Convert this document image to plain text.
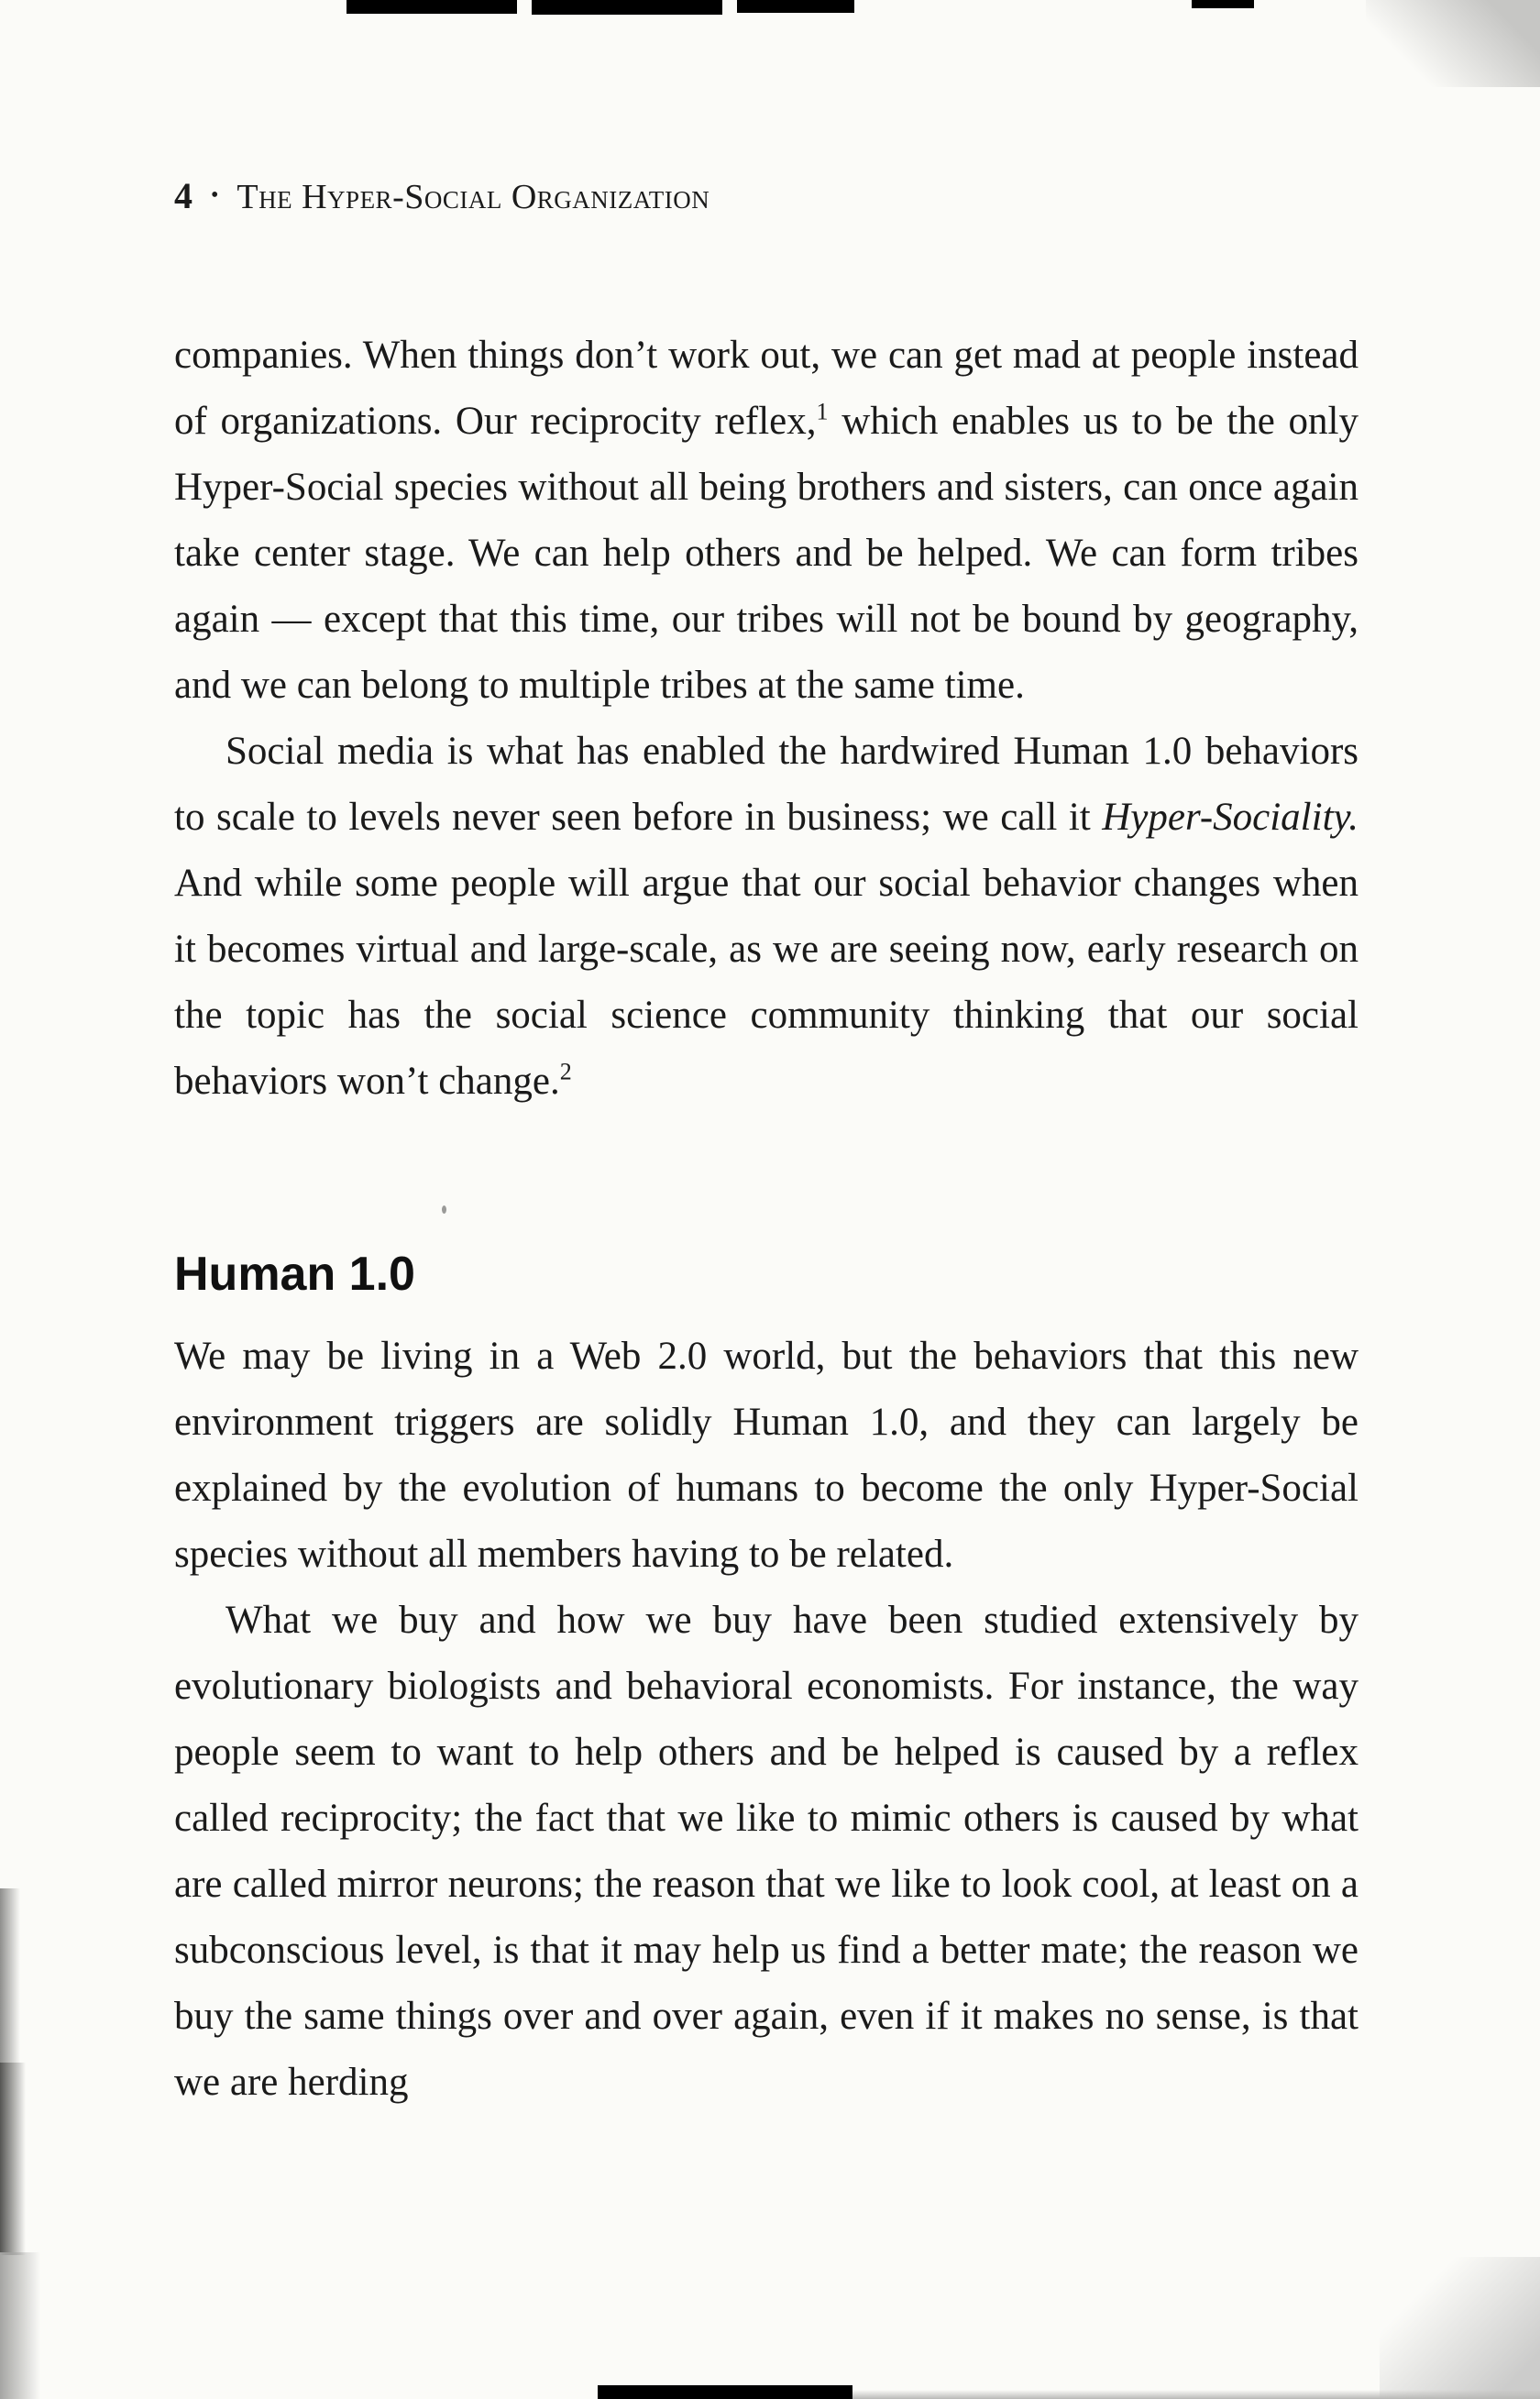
4 • The Hyper-Social Organization

companies. When things don’t work out, we can get mad at people instead of organizations. Our reciprocity reflex,$^1$ which enables us to be the only Hyper-Social species without all being brothers and sisters, can once again take center stage. We can help others and be helped. We can form tribes again — except that this time, our tribes will not be bound by geography, and we can belong to multiple tribes at the same time.

Social media is what has enabled the hardwired Human 1.0 behaviors to scale to levels never seen before in business; we call it Hyper-Sociality. And while some people will argue that our social behavior changes when it becomes virtual and large-scale, as we are seeing now, early research on the topic has the social science community thinking that our social behaviors won’t change.$^2$

Human 1.0

We may be living in a Web 2.0 world, but the behaviors that this new environment triggers are solidly Human 1.0, and they can largely be explained by the evolution of humans to become the only Hyper-Social species without all members having to be related.

What we buy and how we buy have been studied extensively by evolutionary biologists and behavioral economists. For instance, the way people seem to want to help others and be helped is caused by a reflex called reciprocity; the fact that we like to mimic others is caused by what are called mirror neurons; the reason that we like to look cool, at least on a subconscious level, is that it may help us find a better mate; the reason we buy the same things over and over again, even if it makes no sense, is that we are herding
